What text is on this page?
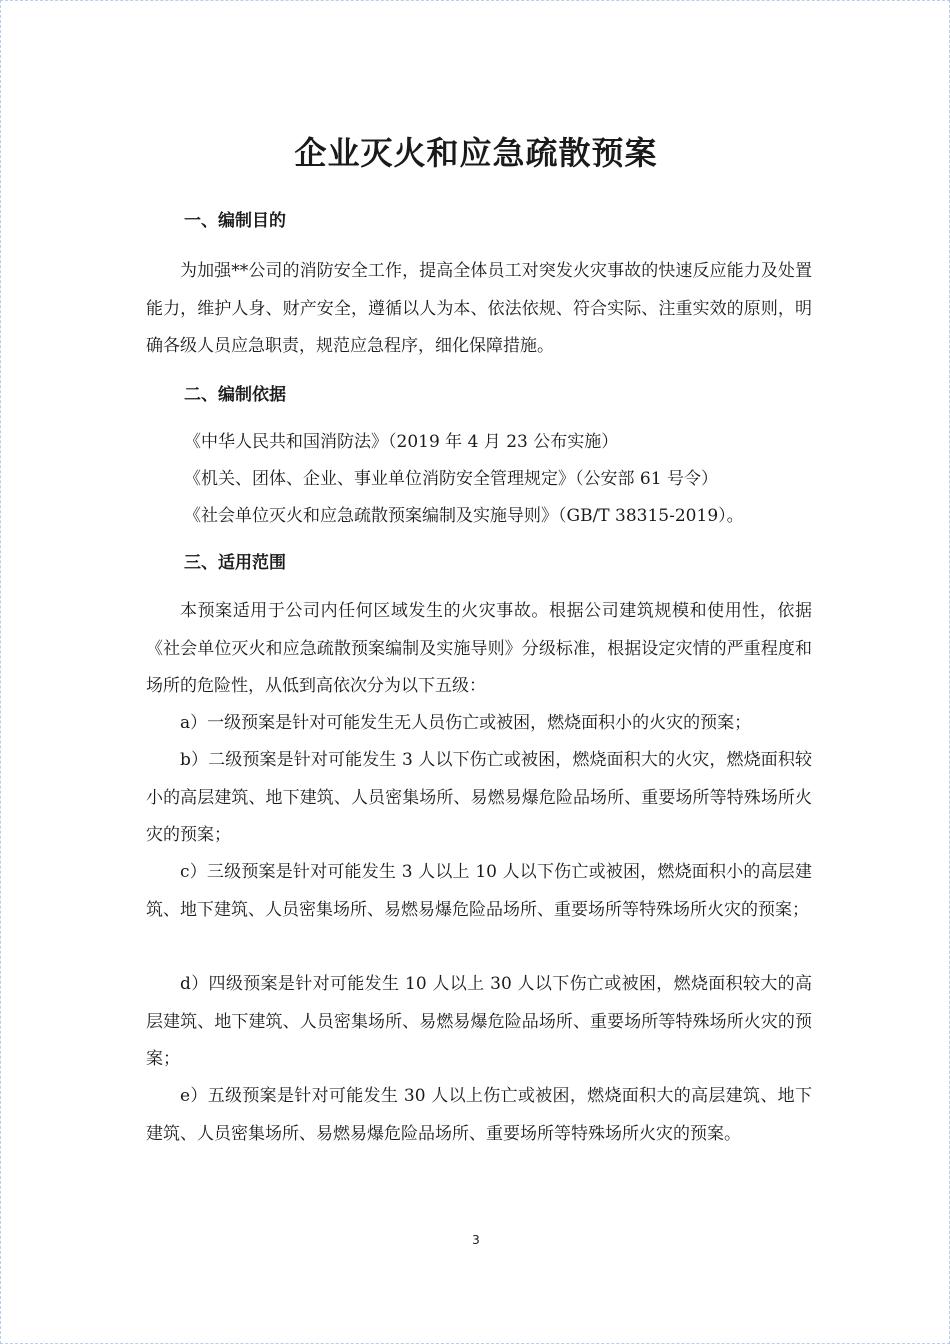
企业灭火和应急疏散预案
一、编制目的

为加强**公司的消防安全工作，提高全体员工对突发火灾事故的快速反应能力及处置能力，维护人身、财产安全，遵循以人为本、依法依规、符合实际、注重实效的原则，明确各级人员应急职责，规范应急程序，细化保障措施。

二、编制依据

《中华人民共和国消防法》（2019 年 4 月 23 公布实施）

《机关、团体、企业、事业单位消防安全管理规定》（公安部 61 号令）

《社会单位灭火和应急疏散预案编制及实施导则》（GB/T 38315-2019）。

三、适用范围

本预案适用于公司内任何区域发生的火灾事故。根据公司建筑规模和使用性，依据《社会单位灭火和应急疏散预案编制及实施导则》分级标准，根据设定灾情的严重程度和场所的危险性，从低到高依次分为以下五级：

a）一级预案是针对可能发生无人员伤亡或被困，燃烧面积小的火灾的预案；

b）二级预案是针对可能发生 3 人以下伤亡或被困，燃烧面积大的火灾，燃烧面积较小的高层建筑、地下建筑、人员密集场所、易燃易爆危险品场所、重要场所等特殊场所火灾的预案；

c）三级预案是针对可能发生 3 人以上 10 人以下伤亡或被困，燃烧面积小的高层建筑、地下建筑、人员密集场所、易燃易爆危险品场所、重要场所等特殊场所火灾的预案；

d）四级预案是针对可能发生 10 人以上 30 人以下伤亡或被困，燃烧面积较大的高层建筑、地下建筑、人员密集场所、易燃易爆危险品场所、重要场所等特殊场所火灾的预案；

e）五级预案是针对可能发生 30 人以上伤亡或被困，燃烧面积大的高层建筑、地下建筑、人员密集场所、易燃易爆危险品场所、重要场所等特殊场所火灾的预案。

3
